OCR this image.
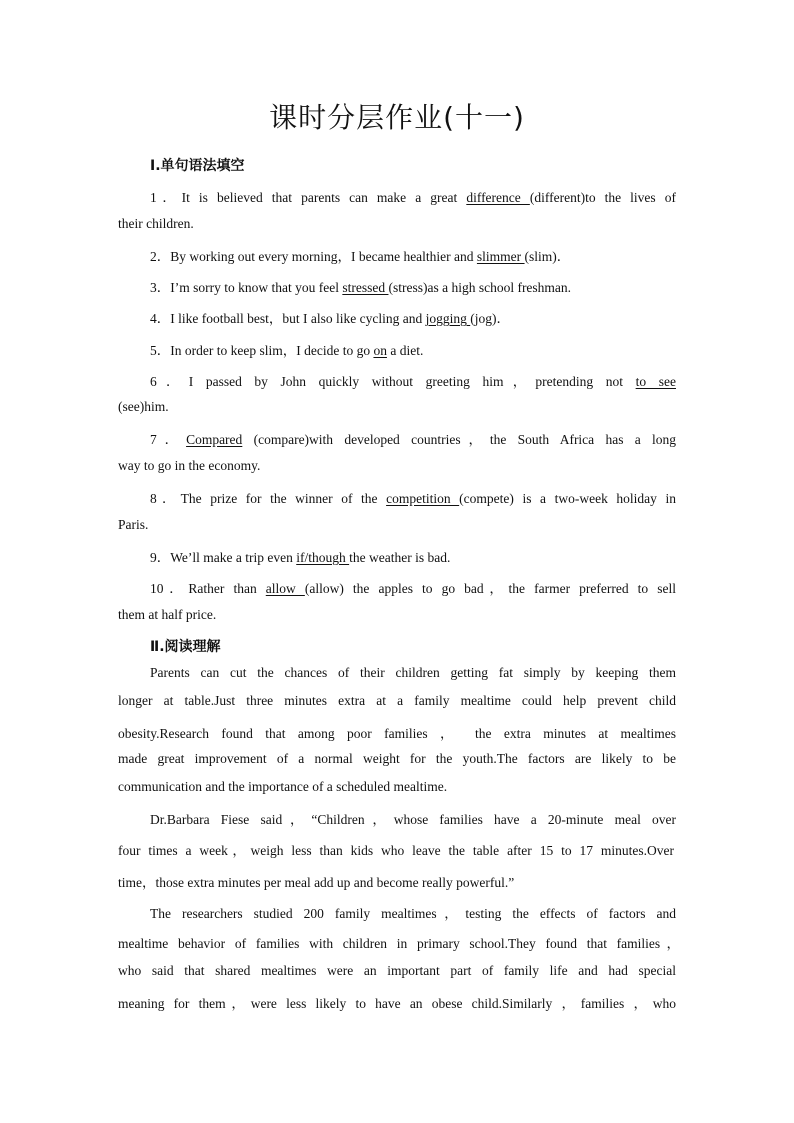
课时分层作业(十一)
Ⅰ.单句语法填空
1．It is believed that parents can make a great difference (different)to the lives of
their children.
2．By working out every morning，I became healthier and slimmer (slim)．
3．I’m sorry to know that you feel stressed (stress)as a high school freshman.
4．I like football best，but I also like cycling and jogging (jog)．
5．In order to keep slim，I decide to go on a diet.
6．I passed by John quickly without greeting him，pretending not to see
(see)him.
7．Compared (compare)with developed countries，the South Africa has a long
way to go in the economy.
8．The prize for the winner of the competition (compete) is a two-week holiday in
Paris.
9．We’ll make a trip even if/though the weather is bad.
10．Rather than allow (allow) the apples to go bad，the farmer preferred to sell
them at half price.
Ⅱ.阅读理解
Parents can cut the chances of their children getting fat simply by keeping them
longer at table.Just three minutes extra at a family mealtime could help prevent child
obesity.Research found that among poor families ， the extra minutes at mealtimes
made great improvement of a normal weight for the youth.The factors are likely to be
communication and the importance of a scheduled mealtime.
Dr.Barbara Fiese said，“Children，whose families have a 20-minute meal over
four times a week，weigh less than kids who leave the table after 15 to 17 minutes.Over
time，those extra minutes per meal add up and become really powerful.”
The researchers studied 200 family mealtimes，testing the effects of factors and
mealtime behavior of families with children in primary school.They found that families，
who said that shared mealtimes were an important part of family life and had special
meaning for them，were less likely to have an obese child.Similarly ，families ，who
